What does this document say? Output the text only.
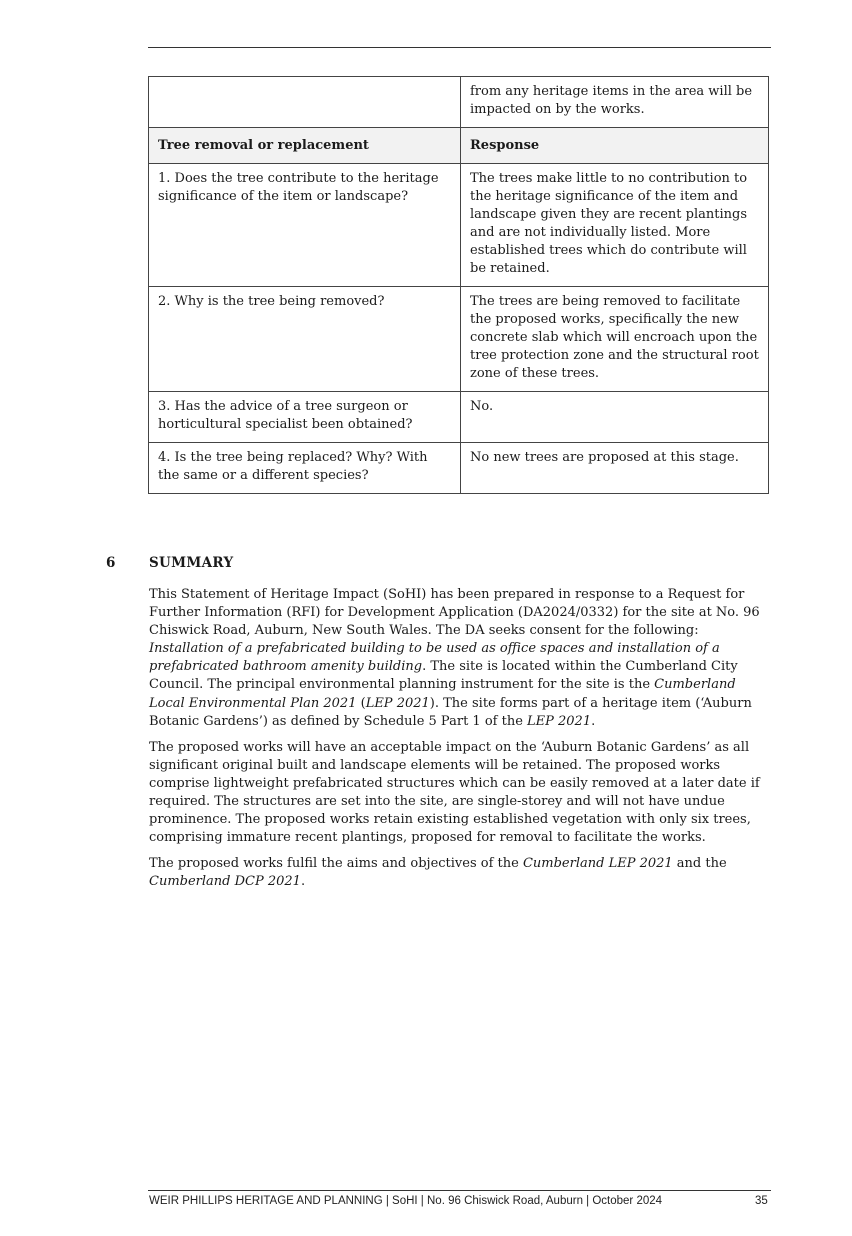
	from any heritage items in the area will be impacted on by the works.
Tree removal or replacement	Response
1. Does the tree contribute to the heritage significance of the item or landscape?	The trees make little to no contribution to the heritage significance of the item and landscape given they are recent plantings and are not individually listed. More established trees which do contribute will be retained.
2. Why is the tree being removed?	The trees are being removed to facilitate the proposed works, specifically the new concrete slab which will encroach upon the tree protection zone and the structural root zone of these trees.
3. Has the advice of a tree surgeon or horticultural specialist been obtained?	No.
4. Is the tree being replaced? Why? With the same or a different species?	No new trees are proposed at this stage.
6 SUMMARY

This Statement of Heritage Impact (SoHI) has been prepared in response to a Request for Further Information (RFI) for Development Application (DA2024/0332) for the site at No. 96 Chiswick Road, Auburn, New South Wales. The DA seeks consent for the following: Installation of a prefabricated building to be used as office spaces and installation of a prefabricated bathroom amenity building. The site is located within the Cumberland City Council. The principal environmental planning instrument for the site is the Cumberland Local Environmental Plan 2021 (LEP 2021). The site forms part of a heritage item (‘Auburn Botanic Gardens’) as defined by Schedule 5 Part 1 of the LEP 2021.

The proposed works will have an acceptable impact on the ‘Auburn Botanic Gardens’ as all significant original built and landscape elements will be retained. The proposed works comprise lightweight prefabricated structures which can be easily removed at a later date if required. The structures are set into the site, are single-storey and will not have undue prominence. The proposed works retain existing established vegetation with only six trees, comprising immature recent plantings, proposed for removal to facilitate the works.

The proposed works fulfil the aims and objectives of the Cumberland LEP 2021 and the Cumberland DCP 2021.

WEIR PHILLIPS HERITAGE AND PLANNING | SoHI | No. 96 Chiswick Road, Auburn | October 2024	35
